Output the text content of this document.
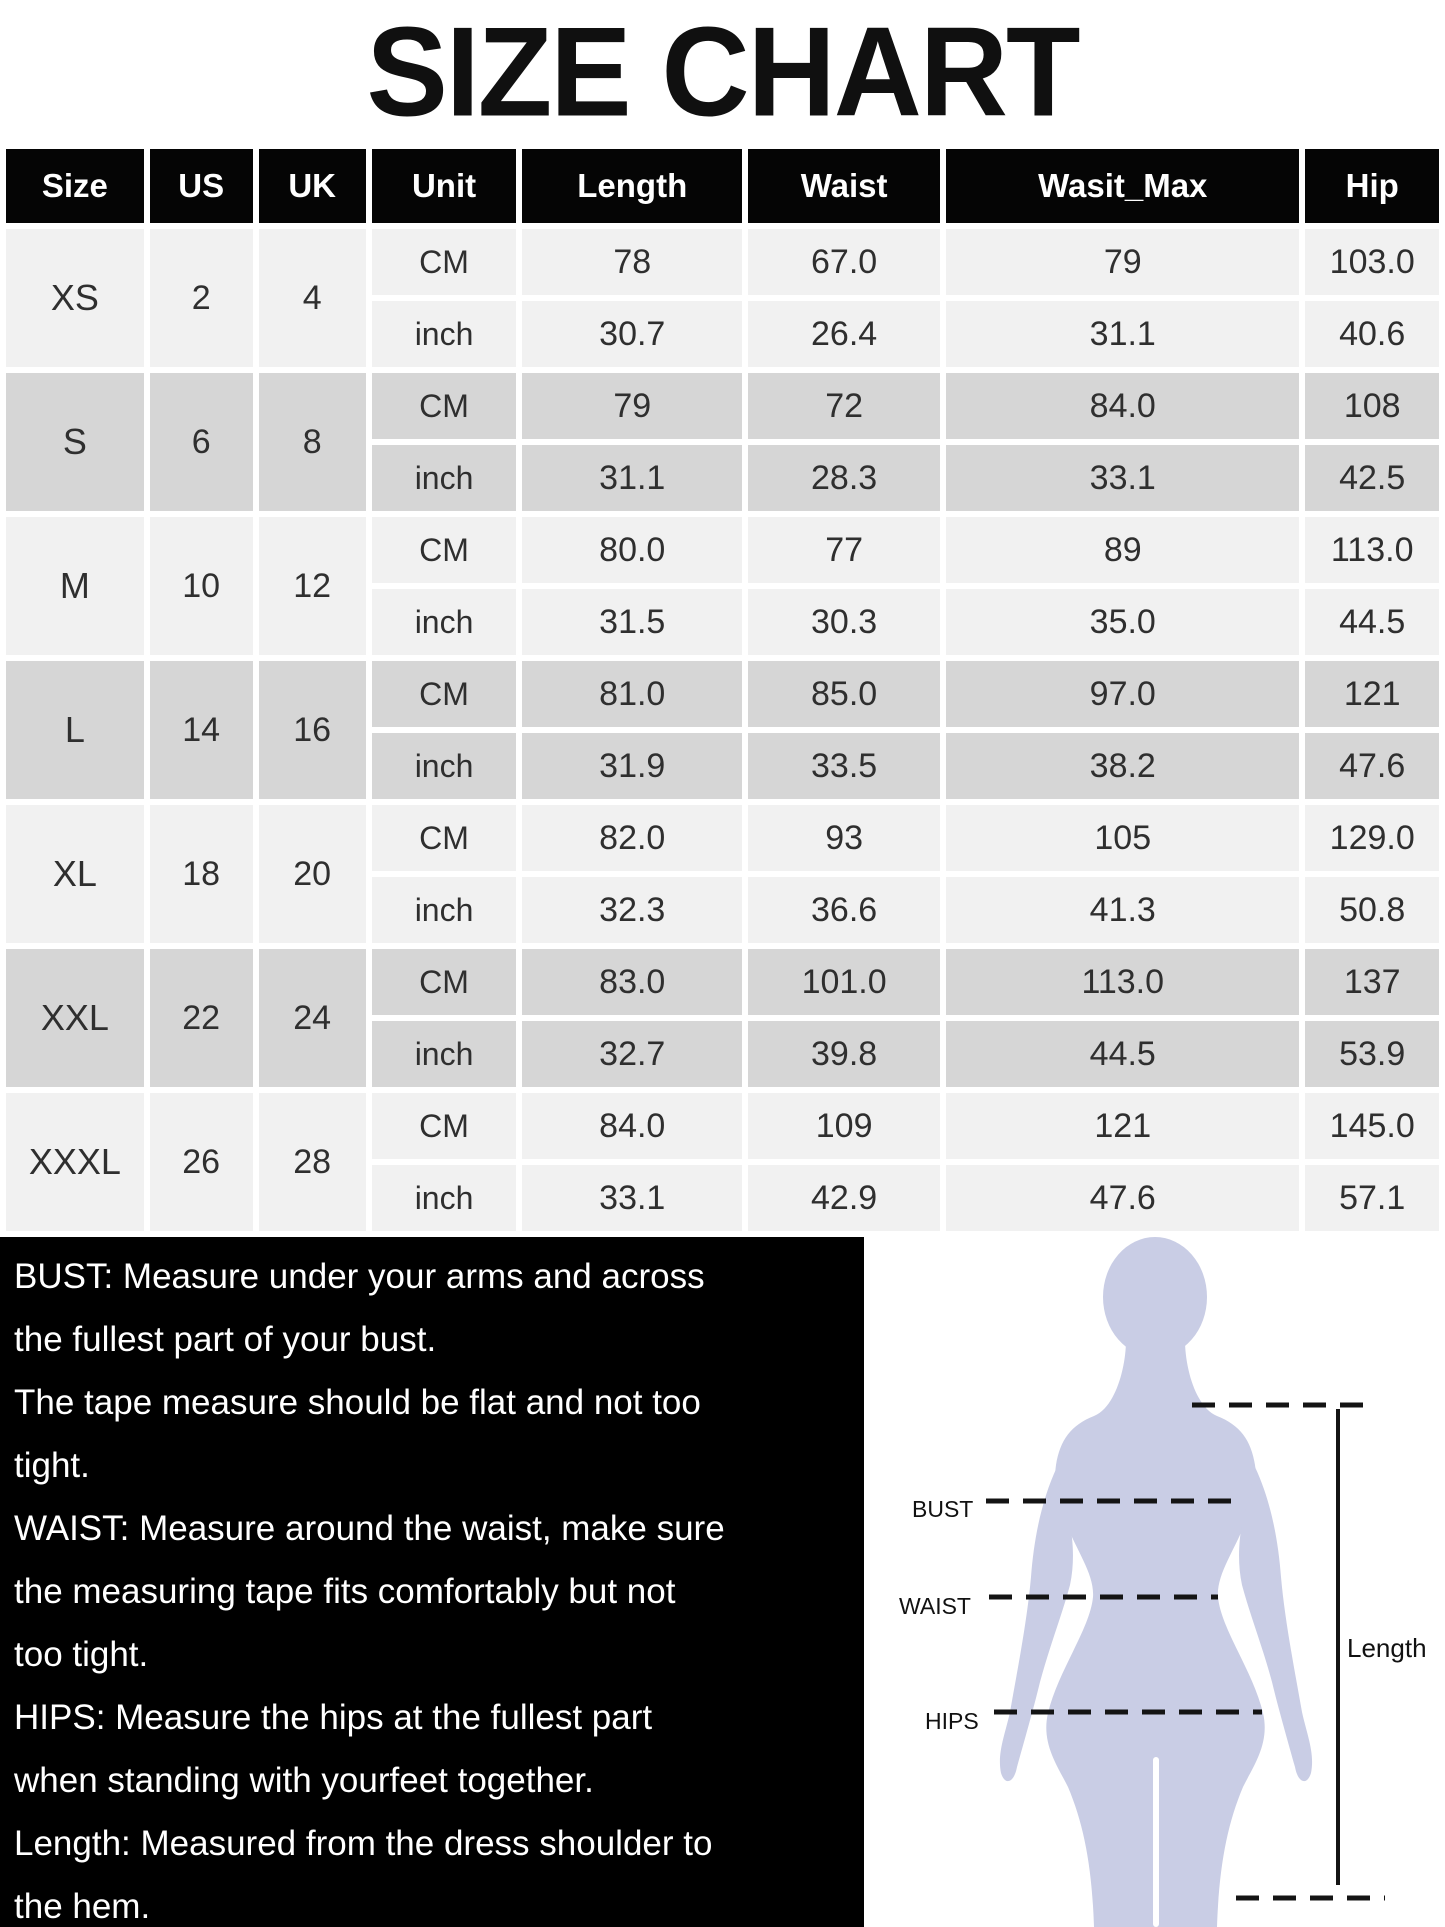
SIZE CHART
Size	US	UK	Unit	Length	Waist	Wasit_Max	Hip
XS	2	4	CM	78	67.0	79	103.0
			inch	30.7	26.4	31.1	40.6
S	6	8	CM	79	72	84.0	108
			inch	31.1	28.3	33.1	42.5
M	10	12	CM	80.0	77	89	113.0
			inch	31.5	30.3	35.0	44.5
L	14	16	CM	81.0	85.0	97.0	121
			inch	31.9	33.5	38.2	47.6
XL	18	20	CM	82.0	93	105	129.0
			inch	32.3	36.6	41.3	50.8
XXL	22	24	CM	83.0	101.0	113.0	137
			inch	32.7	39.8	44.5	53.9
XXXL	26	28	CM	84.0	109	121	145.0
			inch	33.1	42.9	47.6	57.1
BUST: Measure under your arms and across
the fullest part of your bust.
The tape measure should be flat and not too
tight.
WAIST: Measure around the waist, make sure
the measuring tape fits comfortably but not
too tight.
HIPS: Measure the hips at the fullest part
when standing with yourfeet together.
Length: Measured from the dress shoulder to
the hem.
BUST
WAIST
HIPS
Length
